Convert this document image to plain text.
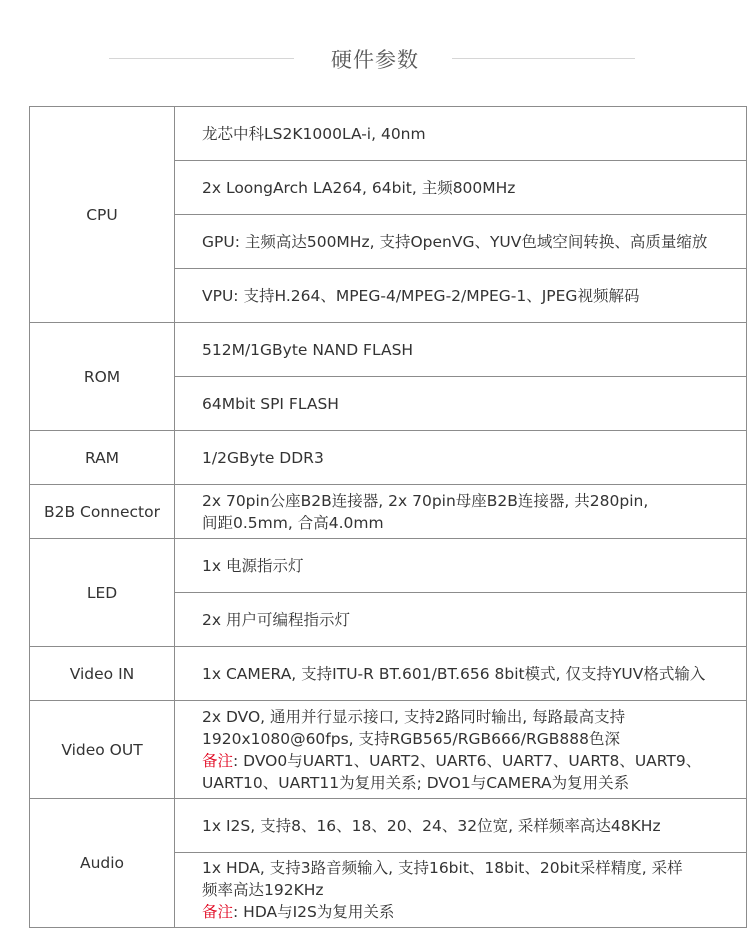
硬件参数
CPU	龙芯中科LS2K1000LA-i, 40nm
	2x LoongArch LA264, 64bit, 主频800MHz
	GPU: 主频高达500MHz, 支持OpenVG、YUV色域空间转换、高质量缩放
	VPU: 支持H.264、MPEG-4/MPEG-2/MPEG-1、JPEG视频解码
ROM	512M/1GByte NAND FLASH
	64Mbit SPI FLASH
RAM	1/2GByte DDR3
B2B Connector	2x 70pin公座B2B连接器, 2x 70pin母座B2B连接器, 共280pin,
间距0.5mm, 合高4.0mm

LED	1x 电源指示灯
	2x 用户可编程指示灯
Video IN	1x CAMERA, 支持ITU-R BT.601/BT.656 8bit模式, 仅支持YUV格式输入
Video OUT	2x DVO, 通用并行显示接口, 支持2路同时输出, 每路最高支持
1920x1080@60fps, 支持RGB565/RGB666/RGB888色深
备注: DVO0与UART1、UART2、UART6、UART7、UART8、UART9、
UART10、UART11为复用关系; DVO1与CAMERA为复用关系

Audio	1x I2S, 支持8、16、18、20、24、32位宽, 采样频率高达48KHz

	1x HDA, 支持3路音频输入, 支持16bit、18bit、20bit采样精度, 采样
频率高达192KHz
备注: HDA与I2S为复用关系
